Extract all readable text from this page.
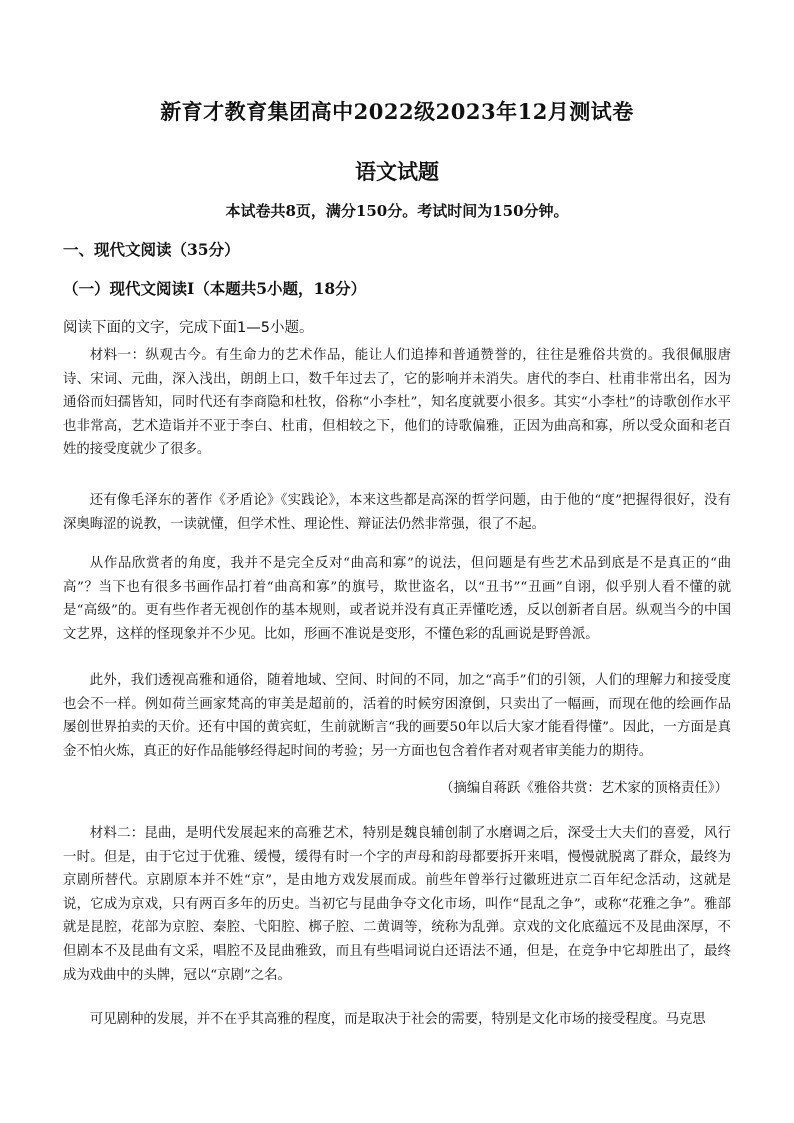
新育才教育集团高中2022级2023年12月测试卷
语文试题
本试卷共8页，满分150分。考试时间为150分钟。
一、现代文阅读（35分）
（一）现代文阅读Ⅰ（本题共5小题，18分）
阅读下面的文字，完成下面1—5小题。
材料一：纵观古今。有生命力的艺术作品，能让人们追捧和普通赞誉的，往往是雅俗共赏的。我很佩服唐诗、宋词、元曲，深入浅出，朗朗上口，数千年过去了，它的影响并未消失。唐代的李白、杜甫非常出名，因为通俗而妇孺皆知，同时代还有李商隐和杜牧，俗称“小李杜”，知名度就要小很多。其实“小李杜”的诗歌创作水平也非常高，艺术造诣并不亚于李白、杜甫，但相较之下，他们的诗歌偏雅，正因为曲高和寡，所以受众面和老百姓的接受度就少了很多。
还有像毛泽东的著作《矛盾论》《实践论》，本来这些都是高深的哲学问题，由于他的“度”把握得很好，没有深奥晦涩的说教，一读就懂，但学术性、理论性、辩证法仍然非常强，很了不起。
从作品欣赏者的角度，我并不是完全反对“曲高和寡”的说法，但问题是有些艺术品到底是不是真正的“曲高”？当下也有很多书画作品打着“曲高和寡”的旗号，欺世盗名，以“丑书”“丑画”自诩，似乎别人看不懂的就是“高级”的。更有些作者无视创作的基本规则，或者说并没有真正弄懂吃透，反以创新者自居。纵观当今的中国文艺界，这样的怪现象并不少见。比如，形画不准说是变形，不懂色彩的乱画说是野兽派。
此外，我们透视高雅和通俗，随着地域、空间、时间的不同，加之“高手”们的引领，人们的理解力和接受度也会不一样。例如荷兰画家梵高的审美是超前的，活着的时候穷困潦倒，只卖出了一幅画，而现在他的绘画作品屡创世界拍卖的天价。还有中国的黄宾虹，生前就断言“我的画要50年以后大家才能看得懂”。因此，一方面是真金不怕火炼，真正的好作品能够经得起时间的考验；另一方面也包含着作者对观者审美能力的期待。
（摘编自蒋跃《雅俗共赏：艺术家的顶格责任》）
材料二：昆曲，是明代发展起来的高雅艺术，特别是魏良辅创制了水磨调之后，深受士大夫们的喜爱，风行一时。但是，由于它过于优雅、缓慢，缓得有时一个字的声母和韵母都要拆开来唱，慢慢就脱离了群众，最终为京剧所替代。京剧原本并不姓“京”，是由地方戏发展而成。前些年曾举行过徽班进京二百年纪念活动，这就是说，它成为京戏，只有两百多年的历史。当初它与昆曲争夺文化市场，叫作“昆乱之争”，或称“花雅之争”。雅部就是昆腔，花部为京腔、秦腔、弋阳腔、梆子腔、二黄调等，统称为乱弹。京戏的文化底蕴远不及昆曲深厚，不但剧本不及昆曲有文采，唱腔不及昆曲雅致，而且有些唱词说白还语法不通，但是，在竞争中它却胜出了，最终成为戏曲中的头牌，冠以“京剧”之名。
可见剧种的发展，并不在乎其高雅的程度，而是取决于社会的需要，特别是文化市场的接受程度。马克思
